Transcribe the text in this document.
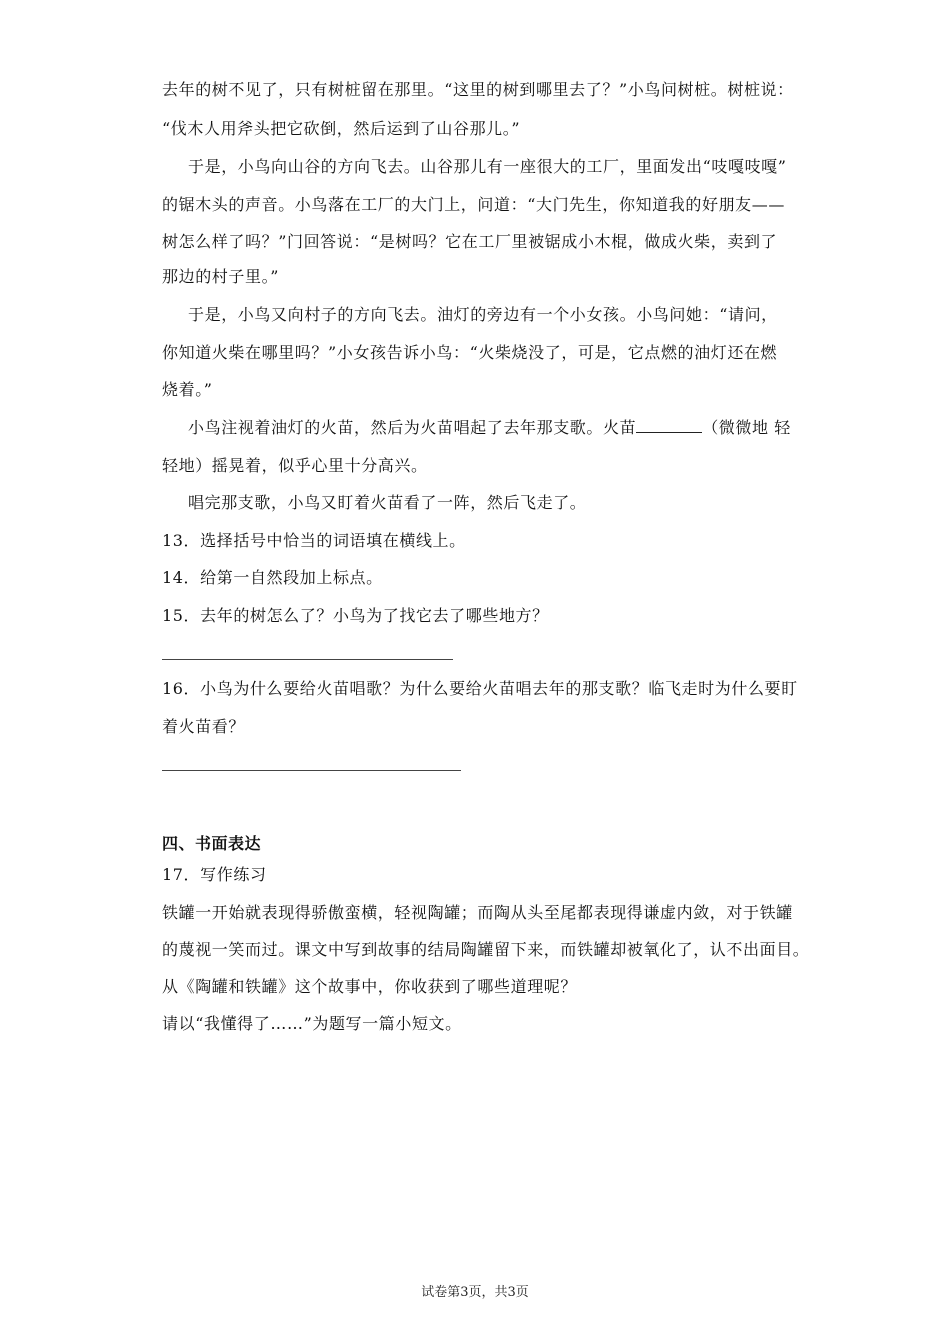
去年的树不见了，只有树桩留在那里。“这里的树到哪里去了？”小鸟问树桩。树桩说：
“伐木人用斧头把它砍倒，然后运到了山谷那儿。”
于是，小鸟向山谷的方向飞去。山谷那儿有一座很大的工厂，里面发出“吱嘎吱嘎”
的锯木头的声音。小鸟落在工厂的大门上，问道：“大门先生，你知道我的好朋友——
树怎么样了吗？”门回答说：“是树吗？它在工厂里被锯成小木棍，做成火柴，卖到了
那边的村子里。”
于是，小鸟又向村子的方向飞去。油灯的旁边有一个小女孩。小鸟问她：“请问，
你知道火柴在哪里吗？”小女孩告诉小鸟：“火柴烧没了，可是，它点燃的油灯还在燃
烧着。”
小鸟注视着油灯的火苗，然后为火苗唱起了去年那支歌。火苗	（微微地 轻
轻地）摇晃着，似乎心里十分高兴。
唱完那支歌，小鸟又盯着火苗看了一阵，然后飞走了。
13．选择括号中恰当的词语填在横线上。
14．给第一自然段加上标点。
15．去年的树怎么了？小鸟为了找它去了哪些地方？
16．小鸟为什么要给火苗唱歌？为什么要给火苗唱去年的那支歌？临飞走时为什么要盯
着火苗看？
四、书面表达
17．写作练习
铁罐一开始就表现得骄傲蛮横，轻视陶罐；而陶从头至尾都表现得谦虚内敛，对于铁罐
的蔑视一笑而过。课文中写到故事的结局陶罐留下来，而铁罐却被氧化了，认不出面目。
从《陶罐和铁罐》这个故事中，你收获到了哪些道理呢？
请以“我懂得了……”为题写一篇小短文。
试卷第3页，共3页
